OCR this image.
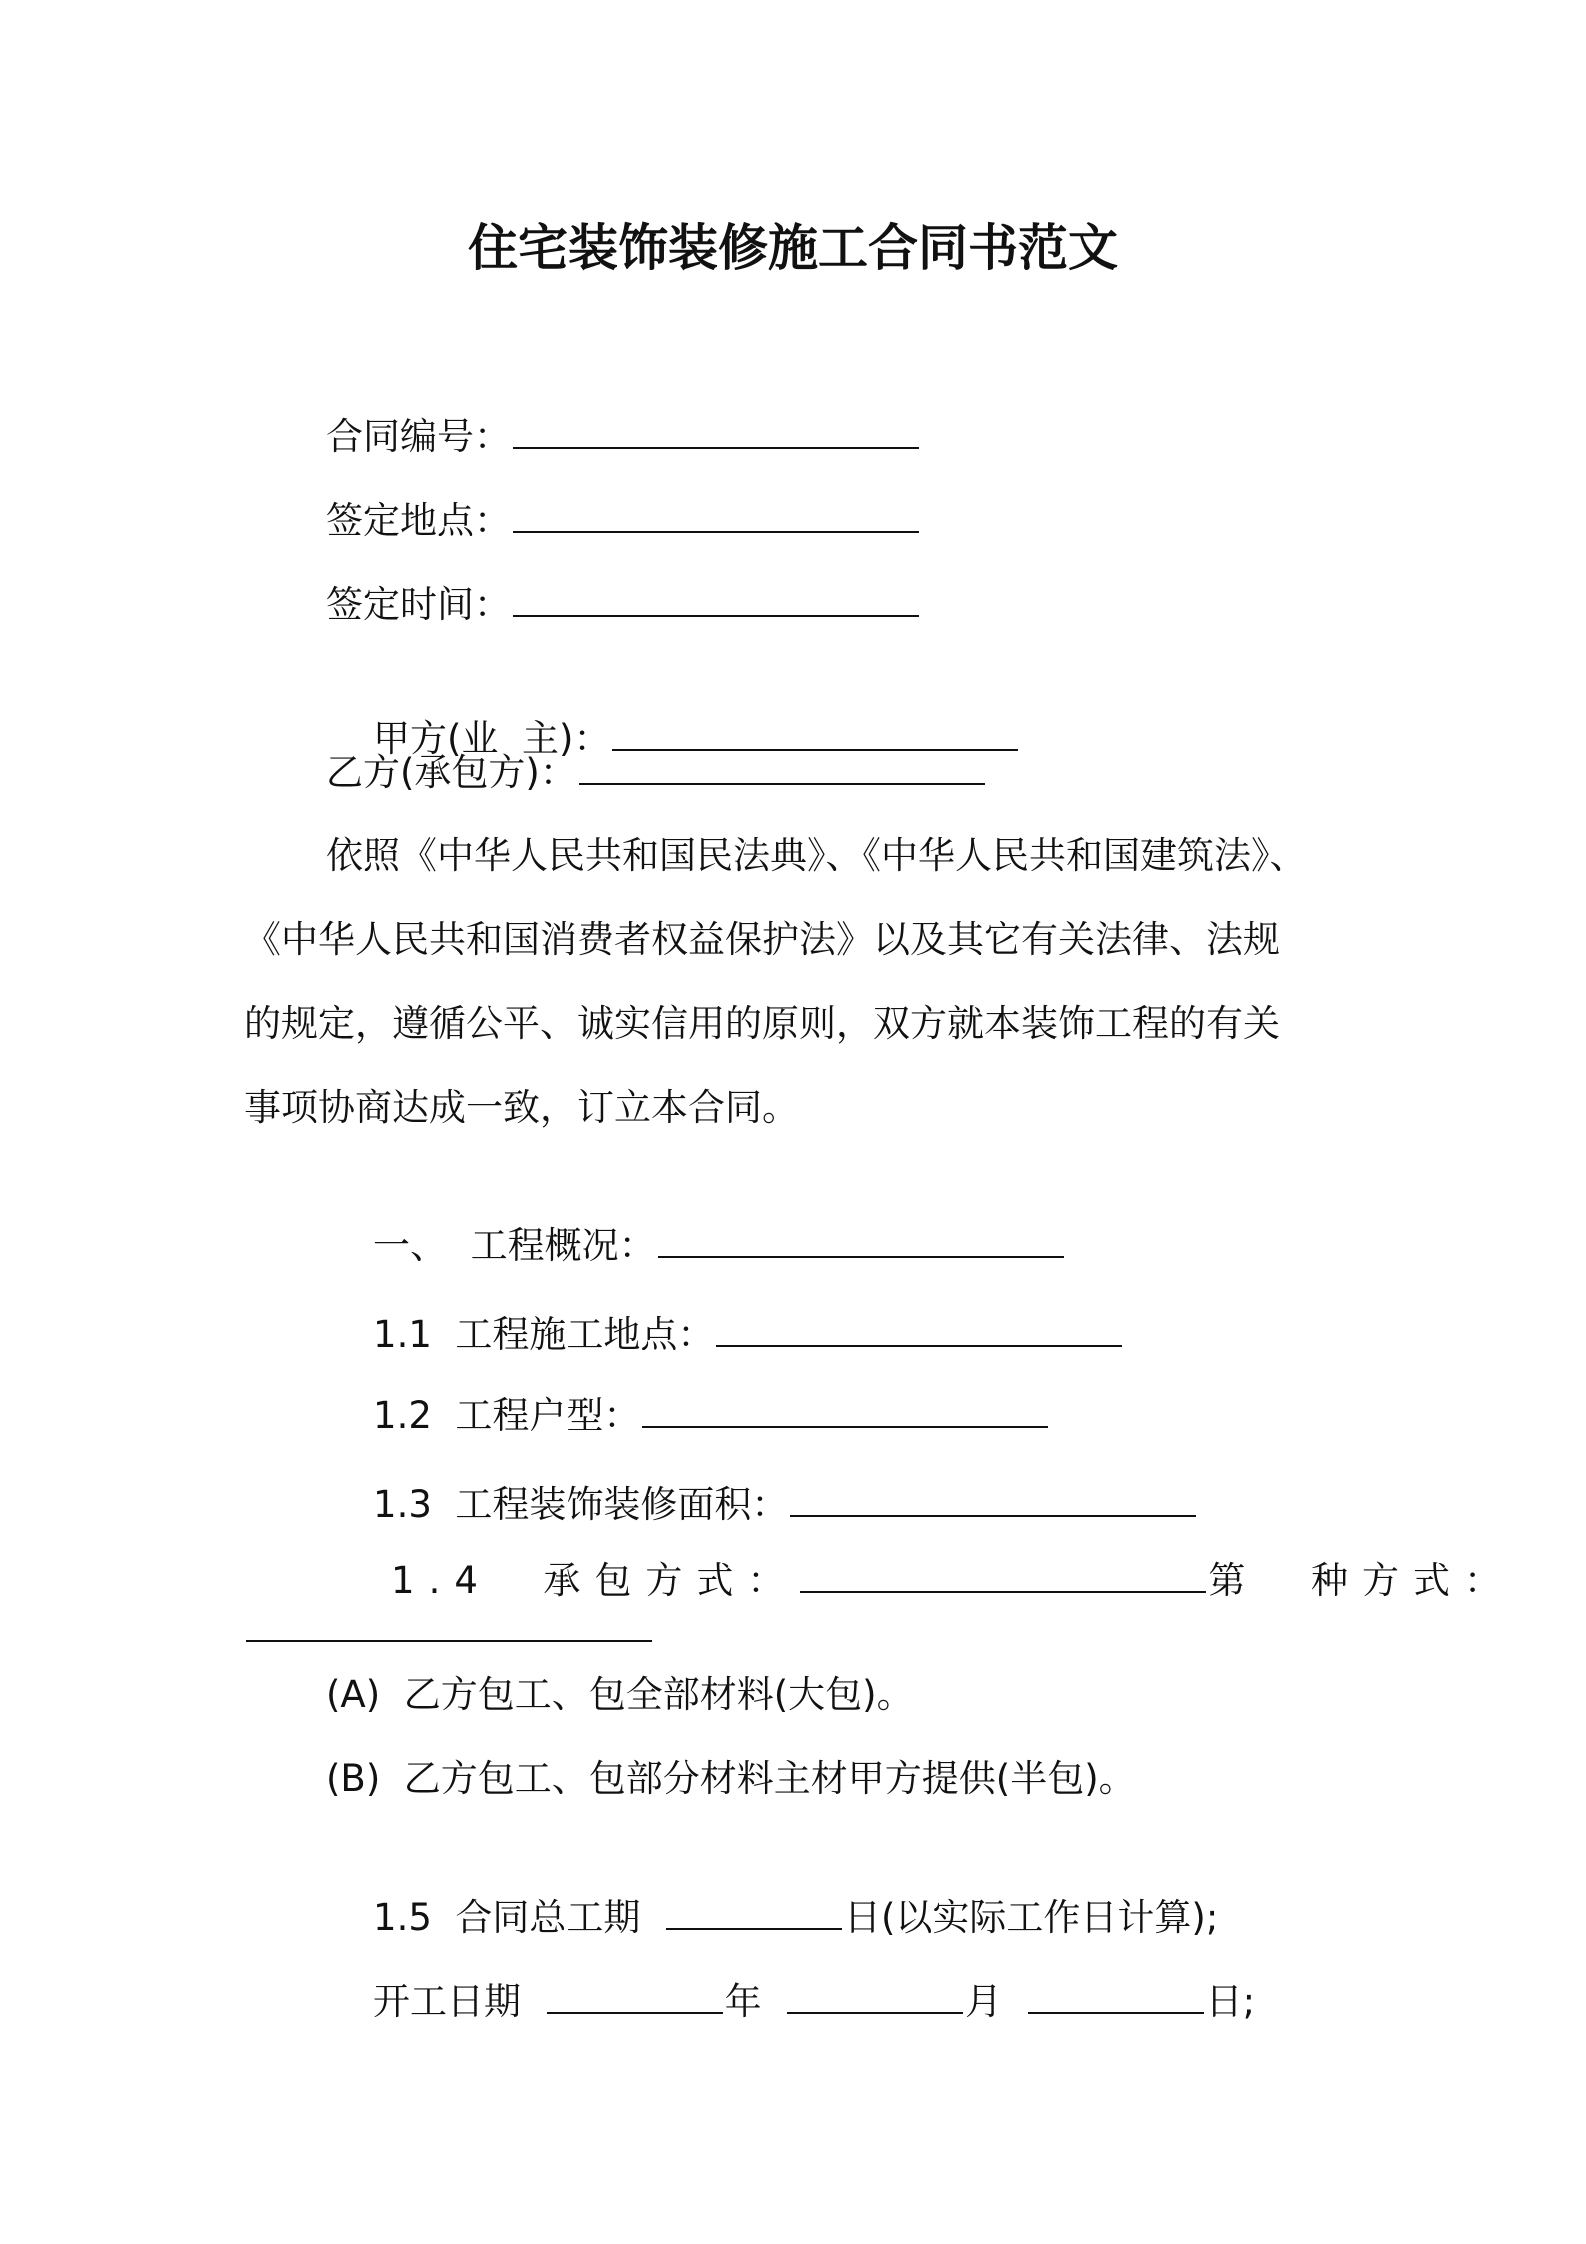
住宅装饰装修施工合同书范文
合同编号：
签定地点：
签定时间：

甲方(业  主)：

乙方(承包方)：
依照《中华人民共和国民法典》、《中华人民共和国建筑法》、
《中华人民共和国消费者权益保护法》以及其它有关法律、法规
的规定，遵循公平、诚实信用的原则，双方就本装饰工程的有关
事项协商达成一致，订立本合同。

一、  工程概况：

1.1  工程施工地点：

1.2  工程户型：

1.3  工程装饰装修面积：

1.4  承包方式：	第  种方式：

(A)  乙方包工、包全部材料(大包)。
(B)  乙方包工、包部分材料主材甲方提供(半包)。

1.5  合同总工期	日(以实际工作日计算);

开工日期	年	月	日;
